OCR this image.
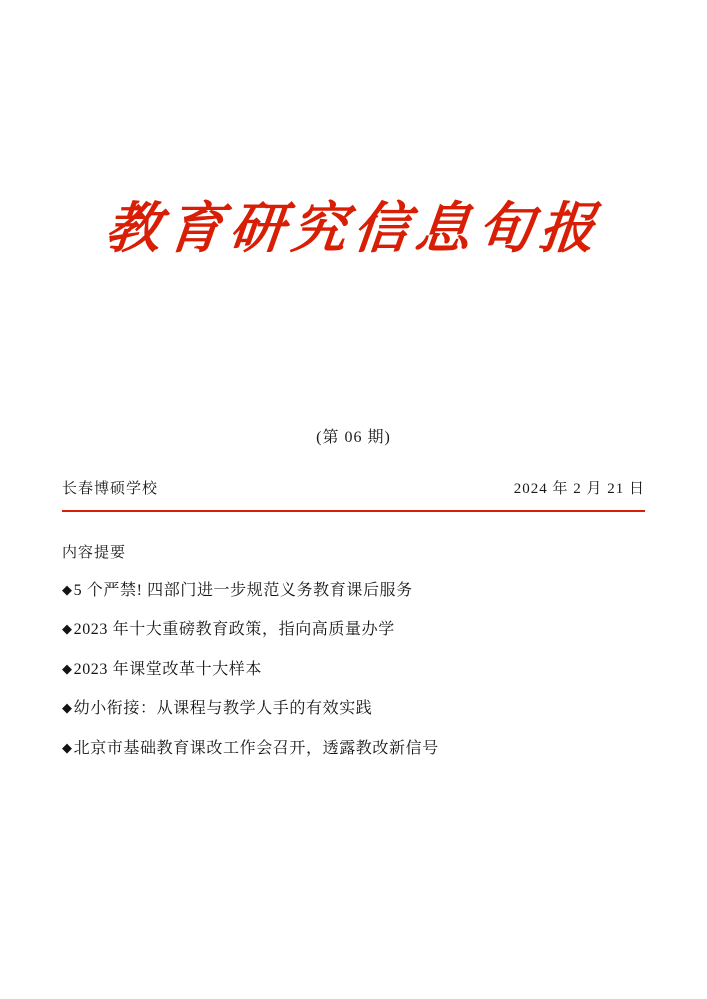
教育研究信息旬报
(第 06 期)
长春博硕学校	2024 年 2 月 21 日
内容提要
◆5 个严禁! 四部门进一步规范义务教育课后服务
◆2023 年十大重磅教育政策，指向高质量办学
◆2023 年课堂改革十大样本
◆幼小衔接：从课程与教学人手的有效实践
◆北京市基础教育课改工作会召开，透露教改新信号
